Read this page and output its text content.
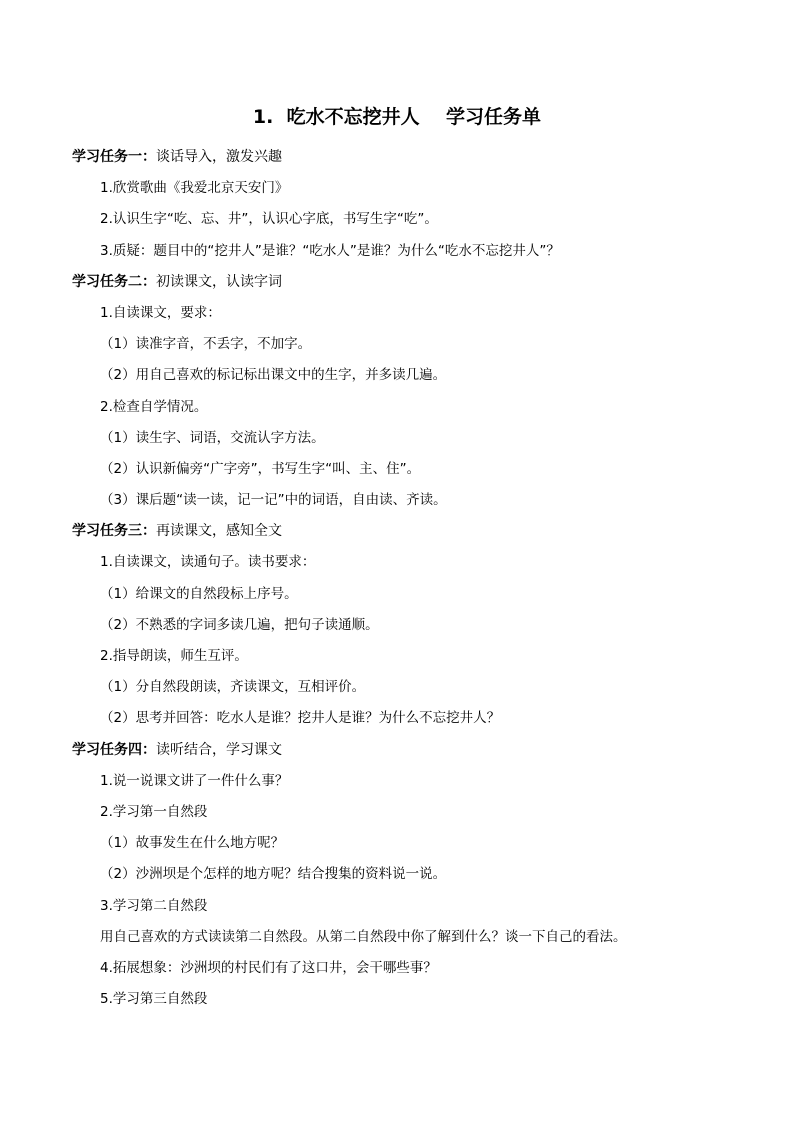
1.  吃水不忘挖井人    学习任务单
学习任务一：谈话导入，激发兴趣
1.欣赏歌曲《我爱北京天安门》
2.认识生字“吃、忘、井”，认识心字底，书写生字“吃”。
3.质疑：题目中的“挖井人”是谁？“吃水人”是谁？为什么“吃水不忘挖井人”？
学习任务二：初读课文，认读字词
1.自读课文，要求：
（1）读准字音，不丢字，不加字。
（2）用自己喜欢的标记标出课文中的生字，并多读几遍。
2.检查自学情况。
（1）读生字、词语，交流认字方法。
（2）认识新偏旁“广字旁”，书写生字“叫、主、住”。
（3）课后题“读一读，记一记”中的词语，自由读、齐读。
学习任务三：再读课文，感知全文
1.自读课文，读通句子。读书要求：
（1）给课文的自然段标上序号。
（2）不熟悉的字词多读几遍，把句子读通顺。
2.指导朗读，师生互评。
（1）分自然段朗读，齐读课文，互相评价。
（2）思考并回答：吃水人是谁？挖井人是谁？为什么不忘挖井人？
学习任务四：读听结合，学习课文
1.说一说课文讲了一件什么事？
2.学习第一自然段
（1）故事发生在什么地方呢？
（2）沙洲坝是个怎样的地方呢？结合搜集的资料说一说。
3.学习第二自然段
用自己喜欢的方式读读第二自然段。从第二自然段中你了解到什么？谈一下自己的看法。
4.拓展想象：沙洲坝的村民们有了这口井，会干哪些事？
5.学习第三自然段
